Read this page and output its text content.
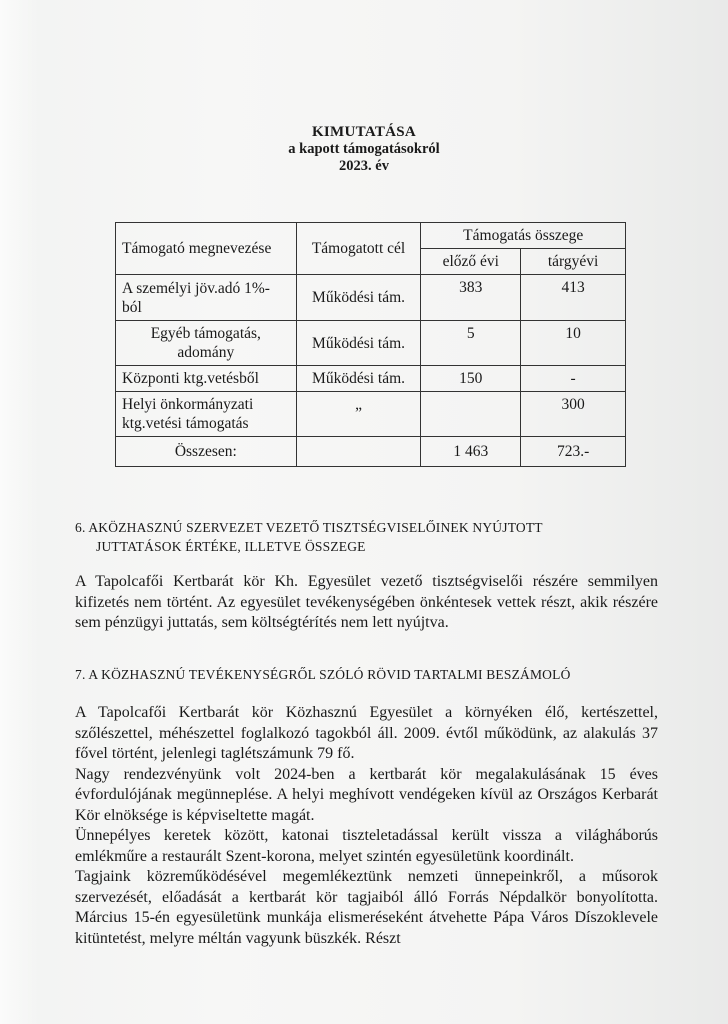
KIMUTATÁSA
a kapott támogatásokról
2023. év
Támogató megnevezése	Támogatott cél	Támogatás összege	
		előző évi	tárgyévi
A személyi jöv.adó 1%-ból	Működési tám.	383	413
Egyéb támogatás, adomány	Működési tám.	5	10
Központi ktg.vetésből	Működési tám.	150	-
Helyi önkormányzati ktg.vetési támogatás	„		300
Összesen:		1 463	723.-
6. AKÖZHASZNÚ SZERVEZET VEZETŐ TISZTSÉGVISELŐINEK NYÚJTOTT
JUTTATÁSOK ÉRTÉKE, ILLETVE ÖSSZEGE

A Tapolcafői Kertbarát kör Kh. Egyesület vezető tisztségviselői részére semmilyen kifizetés nem történt. Az egyesület tevékenységében önkéntesek vettek részt, akik részére sem pénzügyi juttatás, sem költségtérítés nem lett nyújtva.

7. A KÖZHASZNÚ TEVÉKENYSÉGRŐL SZÓLÓ RÖVID TARTALMI BESZÁMOLÓ

A Tapolcafői Kertbarát kör Közhasznú Egyesület a környéken élő, kertészettel, szőlészettel, méhészettel foglalkozó tagokból áll. 2009. évtől működünk, az alakulás 37 fővel történt, jelenlegi taglétszámunk 79 fő.

Nagy rendezvényünk volt 2024-ben a kertbarát kör megalakulásának 15 éves évfordulójának megünneplése. A helyi meghívott vendégeken kívül az Országos Kerbarát Kör elnöksége is képviseltette magát.

Ünnepélyes keretek között, katonai tiszteletadással került vissza a világháborús emlékműre a restaurált Szent-korona, melyet szintén egyesületünk koordinált.

Tagjaink közreműködésével megemlékeztünk nemzeti ünnepeinkről, a műsorok szervezését, előadását a kertbarát kör tagjaiból álló Forrás Népdalkör bonyolította. Március 15-én egyesületünk munkája elismeréseként átvehette Pápa Város Díszoklevele kitüntetést, melyre méltán vagyunk büszkék. Részt
